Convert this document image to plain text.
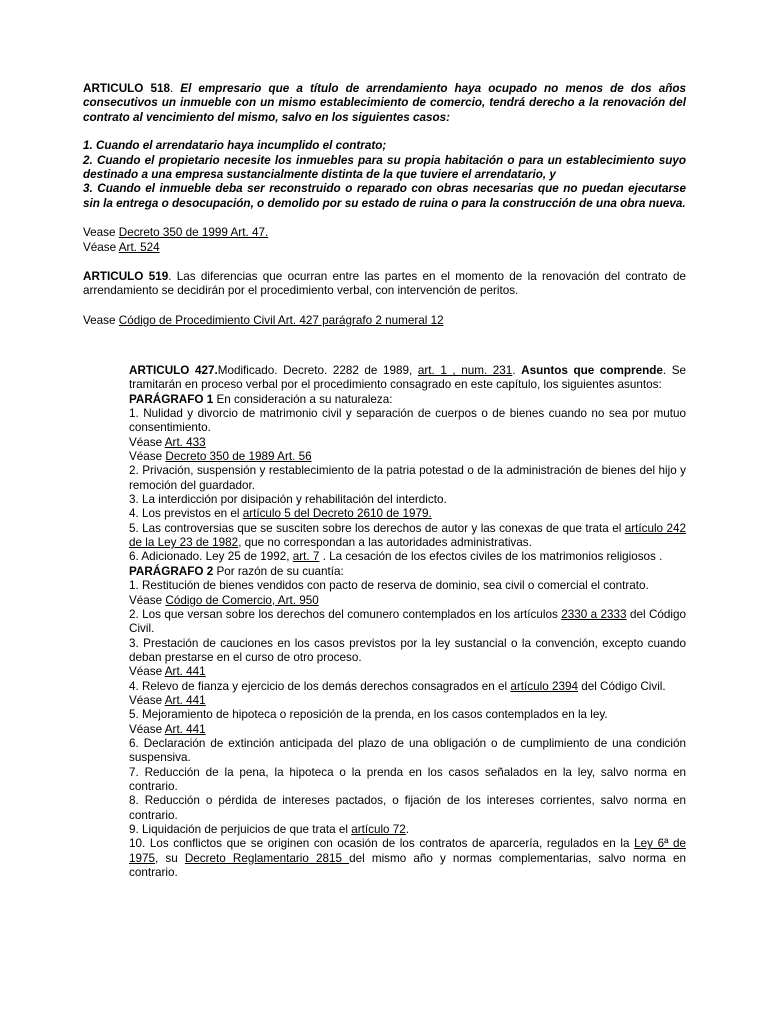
ARTICULO 518. El empresario que a título de arrendamiento haya ocupado no menos de dos años consecutivos un inmueble con un mismo establecimiento de comercio, tendrá derecho a la renovación del contrato al vencimiento del mismo, salvo en los siguientes casos:

1. Cuando el arrendatario haya incumplido el contrato;

2. Cuando el propietario necesite los inmuebles para su propia habitación o para un establecimiento suyo destinado a una empresa sustancialmente distinta de la que tuviere el arrendatario, y

3. Cuando el inmueble deba ser reconstruido o reparado con obras necesarias que no puedan ejecutarse sin la entrega o desocupación, o demolido por su estado de ruina o para la construcción de una obra nueva.

Vease Decreto 350 de 1999 Art. 47.

Véase Art. 524

ARTICULO 519. Las diferencias que ocurran entre las partes en el momento de la renovación del contrato de arrendamiento se decidirán por el procedimiento verbal, con intervención de peritos.

Vease Código de Procedimiento Civil Art. 427 parágrafo 2 numeral 12

ARTICULO 427.Modificado. Decreto. 2282 de 1989, art. 1 , num. 231. Asuntos que comprende. Se tramitarán en proceso verbal por el procedimiento consagrado en este capítulo, los siguientes asuntos:

PARÁGRAFO 1 En consideración a su naturaleza:

1. Nulidad y divorcio de matrimonio civil y separación de cuerpos o de bienes cuando no sea por mutuo consentimiento.

Véase Art. 433

Véase Decreto 350 de 1989 Art. 56

2. Privación, suspensión y restablecimiento de la patria potestad o de la administración de bienes del hijo y remoción del guardador.

3. La interdicción por disipación y rehabilitación del interdicto.

4. Los previstos en el artículo 5 del Decreto 2610 de 1979.

5. Las controversias que se susciten sobre los derechos de autor y las conexas de que trata el artículo 242 de la Ley 23 de 1982, que no correspondan a las autoridades administrativas.

6. Adicionado. Ley 25 de 1992, art. 7 . La cesación de los efectos civiles de los matrimonios religiosos .

PARÁGRAFO 2 Por razón de su cuantía:

1. Restitución de bienes vendidos con pacto de reserva de dominio, sea civil o comercial el contrato.

Véase Código de Comercio, Art. 950

2. Los que versan sobre los derechos del comunero contemplados en los artículos 2330 a 2333 del Código Civil.

3. Prestación de cauciones en los casos previstos por la ley sustancial o la convención, excepto cuando deban prestarse en el curso de otro proceso.

Véase Art. 441

4. Relevo de fianza y ejercicio de los demás derechos consagrados en el artículo 2394 del Código Civil.

Véase Art. 441

5. Mejoramiento de hipoteca o reposición de la prenda, en los casos contemplados en la ley.

Véase Art. 441

6. Declaración de extinción anticipada del plazo de una obligación o de cumplimiento de una condición suspensiva.

7. Reducción de la pena, la hipoteca o la prenda en los casos señalados en la ley, salvo norma en contrario.

8. Reducción o pérdida de intereses pactados, o fijación de los intereses corrientes, salvo norma en contrario.

9. Liquidación de perjuicios de que trata el artículo 72.

10. Los conflictos que se originen con ocasión de los contratos de aparcería, regulados en la Ley 6ª de 1975, su Decreto Reglamentario 2815 del mismo año y normas complementarias, salvo norma en contrario.
